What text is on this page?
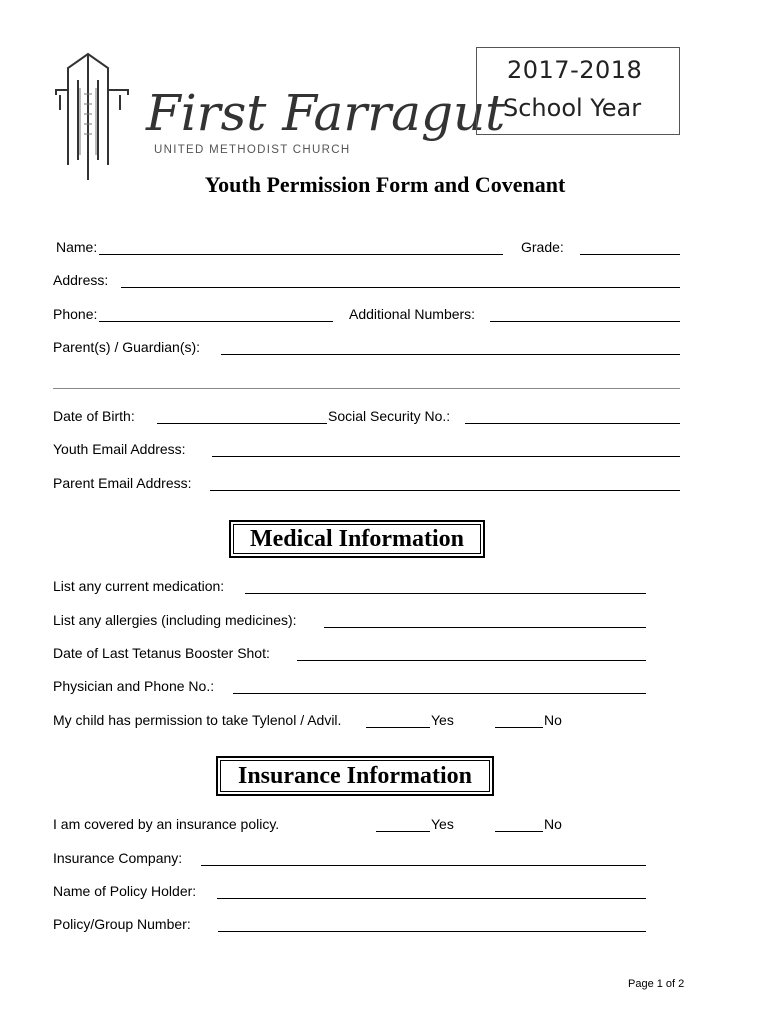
First Farragut
UNITED METHODIST CHURCH
2017-2018
School Year
Youth Permission Form and Covenant
Name:	Grade:
Address:
Phone:	Additional Numbers:
Parent(s) / Guardian(s):
Date of Birth:	Social Security No.:
Youth Email Address:
Parent Email Address:
Medical Information
List any current medication:
List any allergies (including medicines):
Date of Last Tetanus Booster Shot:
Physician and Phone No.:
My child has permission to take Tylenol / Advil.	Yes	No
Insurance Information
I am covered by an insurance policy.	Yes	No
Insurance Company:
Name of Policy Holder:
Policy/Group Number:
Page 1 of 2
